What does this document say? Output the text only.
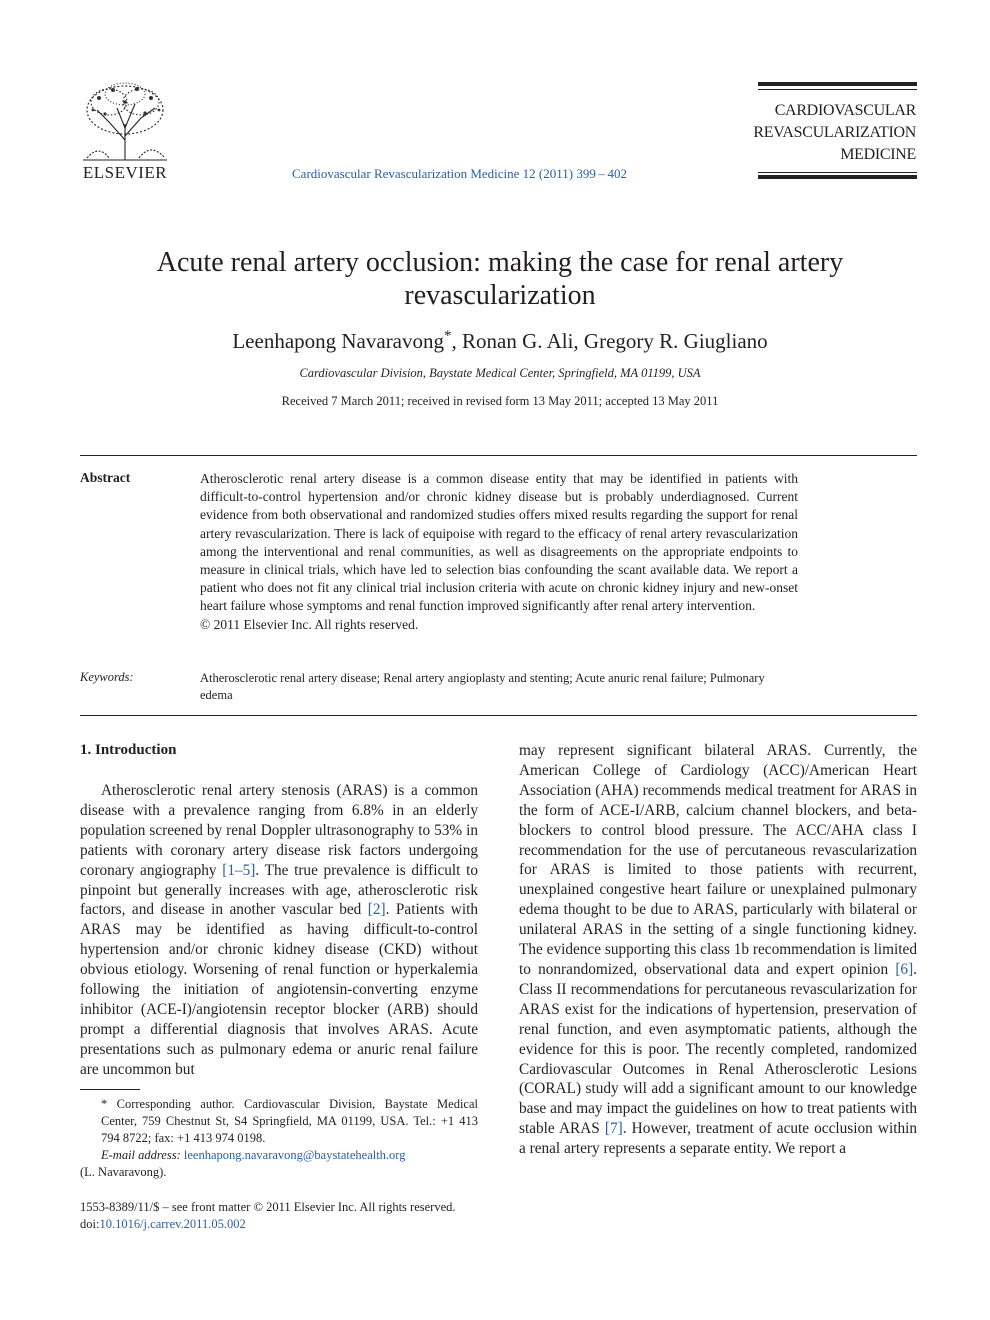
ELSEVIER	Cardiovascular Revascularization Medicine 12 (2011) 399 – 402
CARDIOVASCULAR
REVASCULARIZATION
MEDICINE
Acute renal artery occlusion: making the case for renal artery revascularization
Leenhapong Navaravong*, Ronan G. Ali, Gregory R. Giugliano
Cardiovascular Division, Baystate Medical Center, Springfield, MA 01199, USA
Received 7 March 2011; received in revised form 13 May 2011; accepted 13 May 2011
Abstract	Atherosclerotic renal artery disease is a common disease entity that may be identified in patients with difficult-to-control hypertension and/or chronic kidney disease but is probably underdiagnosed. Current evidence from both observational and randomized studies offers mixed results regarding the support for renal artery revascularization. There is lack of equipoise with regard to the efficacy of renal artery revascularization among the interventional and renal communities, as well as disagreements on the appropriate endpoints to measure in clinical trials, which have led to selection bias confounding the scant available data. We report a patient who does not fit any clinical trial inclusion criteria with acute on chronic kidney injury and new-onset heart failure whose symptoms and renal function improved significantly after renal artery intervention.
© 2011 Elsevier Inc. All rights reserved.
Keywords:	Atherosclerotic renal artery disease; Renal artery angioplasty and stenting; Acute anuric renal failure; Pulmonary edema
1. Introduction
Atherosclerotic renal artery stenosis (ARAS) is a common disease with a prevalence ranging from 6.8% in an elderly population screened by renal Doppler ultrasonography to 53% in patients with coronary artery disease risk factors undergoing coronary angiography [1–5]. The true prevalence is difficult to pinpoint but generally increases with age, atherosclerotic risk factors, and disease in another vascular bed [2]. Patients with ARAS may be identified as having difficult-to-control hypertension and/or chronic kidney disease (CKD) without obvious etiology. Worsening of renal function or hyperkalemia following the initiation of angiotensin-converting enzyme inhibitor (ACE-I)/angiotensin receptor blocker (ARB) should prompt a differential diagnosis that involves ARAS. Acute presentations such as pulmonary edema or anuric renal failure are uncommon but
may represent significant bilateral ARAS. Currently, the American College of Cardiology (ACC)/American Heart Association (AHA) recommends medical treatment for ARAS in the form of ACE-I/ARB, calcium channel blockers, and beta-blockers to control blood pressure. The ACC/AHA class I recommendation for the use of percutaneous revascularization for ARAS is limited to those patients with recurrent, unexplained congestive heart failure or unexplained pulmonary edema thought to be due to ARAS, particularly with bilateral or unilateral ARAS in the setting of a single functioning kidney. The evidence supporting this class 1b recommendation is limited to nonrandomized, observational data and expert opinion [6]. Class II recommendations for percutaneous revascularization for ARAS exist for the indications of hypertension, preservation of renal function, and even asymptomatic patients, although the evidence for this is poor. The recently completed, randomized Cardiovascular Outcomes in Renal Atherosclerotic Lesions (CORAL) study will add a significant amount to our knowledge base and may impact the guidelines on how to treat patients with stable ARAS [7]. However, treatment of acute occlusion within a renal artery represents a separate entity. We report a
* Corresponding author. Cardiovascular Division, Baystate Medical Center, 759 Chestnut St, S4 Springfield, MA 01199, USA. Tel.: +1 413 794 8722; fax: +1 413 974 0198.
E-mail address: leenhapong.navaravong@baystatehealth.org
(L. Navaravong).
1553-8389/11/$ – see front matter © 2011 Elsevier Inc. All rights reserved.
doi:10.1016/j.carrev.2011.05.002
